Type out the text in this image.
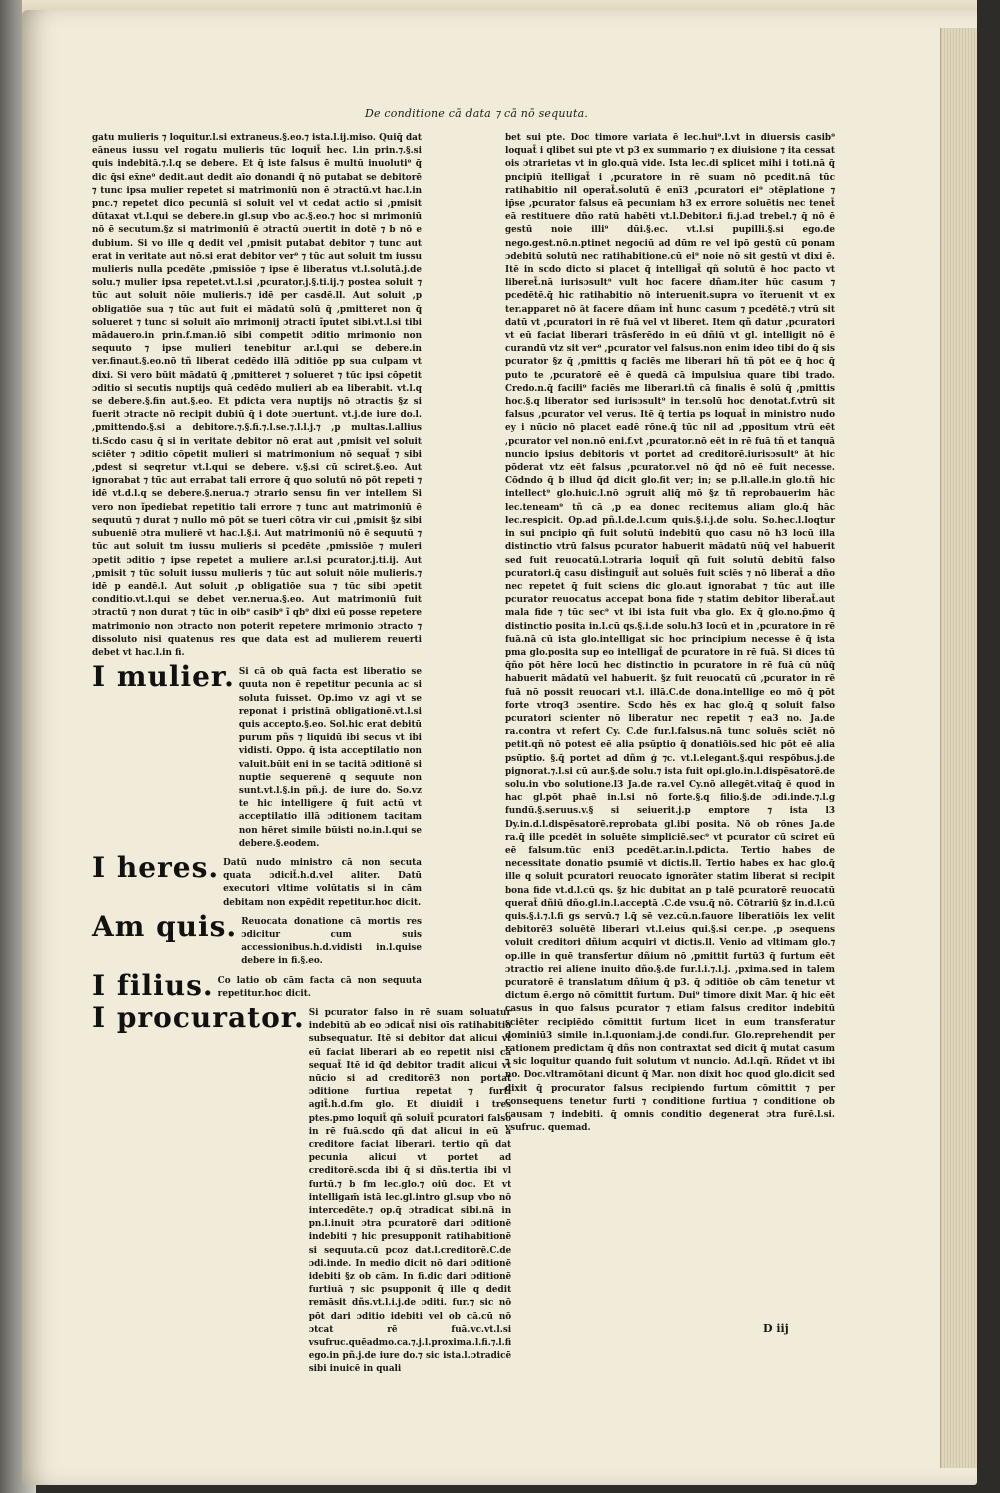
De conditione cā data ⁊ cā nō sequuta.

gatu mulieris ⁊ loquitur.l.si extraneus.§.eo.⁊ ista.l.ij.miso. Quiq̄ dat eāneus iussu vel rogatu mulieris tūc loquit̄ hec. l.in prin.⁊.§.si quis indebitā.⁊.l.q se debere. Et q̄ iste falsus ē multū inuoluti⁹ q̄ dic q̄si ex̄ne⁹ dedit.aut dedit aīo donandi q̄ nō putabat se debitorē ⁊ tunc ipsa mulier repetet si matrimoniū non ē ɔtractū.vt hac.l.in pnc.⁊ repetet dico pecuniā si soluit vel vt cedat actio si ,pmisit dūtaxat vt.l.qui se debere.in gl.sup vbo ac.§.eo.⁊ hoc si mrimoniū nō ē secutum.§z si matrimoniū ē ɔtractū ɔuertit in dotē ⁊ b nō e dubium. Si vo ille q dedit vel ,pmisit putabat debitor ⁊ tunc aut erat in veritate aut nō.si erat debitor ver⁹ ⁊ tūc aut soluit tm iussu mulieris nulla pcedēte ,pmissiōe ⁊ ipse ē liberatus vt.l.solutā.j.de solu.⁊ mulier ipsa repetet.vt.l.si ,pcurator.j.§.ti.ij.⁊ postea soluit ⁊ tūc aut soluit nōie mulieris.⁊ idē per casdē.ll. Aut soluit ,p obligatiōe sua ⁊ tūc aut fuit ei mādatū solū q̄ ,pmitteret non q̄ solueret ⁊ tunc si soluit aīo mrimonij ɔtracti ĩputet sibi.vt.l.si tibi mādauero.in prin.f.man.iō sibi competit ɔditio mrimonio non sequuto ⁊ ipse mulieri tenebitur ar.l.qui se debere.in ver.finaut.§.eo.nō tñ liberat cedēdo illā ɔditiōe pp sua culpam vt dixi. Si vero būit mādatū q̄ ,pmitteret ⁊ solueret ⁊ tūc ipsi cōpetit ɔditio si secutis nuptijs quā cedēdo mulieri ab ea liberabit. vt.l.q se debere.§.fin aut.§.eo. Et pdicta vera nuptijs nō ɔtractis §z si fuerit ɔtracte nō recipit dubiū q̄ i dote ɔuertunt. vt.j.de iure do.l. ,pmittendo.§.si a debitore.⁊.§.fi.⁊.l.se.⁊.l.l.j.⁊ ,p multas.l.allius ti.Scdo casu q̄ si in veritate debitor nō erat aut ,pmisit vel soluit sciēter ⁊ ɔditio cōpetit mulieri si matrimonium nō sequat̄ ⁊ sibi ,pdest si seqretur vt.l.qui se debere. v.§.si cū sciret.§.eo. Aut ignorabat ⁊ tūc aut errabat tali errore q̄ quo solutū nō pōt repeti ⁊ idē vt.d.l.q se debere.§.nerua.⁊ ɔtrario sensu fin ver intellem Si vero non ĩpediebat repetitio tali errore ⁊ tunc aut matrimoniū ē sequutū ⁊ durat ⁊ nullo mō pōt se tueri cōtra vir cui ,pmisit §z sibi subueniē ɔtra mulierē vt hac.l.§.i. Aut matrimoniū nō ē sequutū ⁊ tūc aut soluit tm iussu mulieris si pcedēte ,pmissiōe ⁊ muleri ɔpetit ɔditio ⁊ ipse repetet a muliere ar.l.si pcurator.j.ti.ij. Aut ,pmisit ⁊ tūc soluit iussu mulieris ⁊ tūc aut soluit nōie mulieris.⁊ idē p eandē.l. Aut soluit ,p obligatiōe sua ⁊ tūc sibi ɔpetit conditio.vt.l.qui se debet ver.nerua.§.eo. Aut matrimoniū fuit ɔtractū ⁊ non durat ⁊ tūc in oib⁹ casib⁹ ĩ qb⁹ dixi eū posse repetere matrimonio non ɔtracto non poterit repetere mrimonio ɔtracto ⁊ dissoluto nisi quatenus res que data est ad mulierem reuerti debet vt hac.l.in fi.

I mulier. Si cā ob quā facta est liberatio se quuta non ē repetitur pecunia ac si soluta fuisset. Op.imo vz agi vt se reponat i pristinā obligationē.vt.l.si quis accepto.§.eo. Sol.hic erat debitū purum pñs ⁊ liquidū ibi secus vt ibi vidisti. Oppo. q̄ ista acceptilatio non valuit.būit eni in se tacitā ɔditionē si nuptie sequerenē q sequute non sunt.vt.l.§.in pñ.j. de iure do. So.vz te hic intelligere q̄ fuit actū vt acceptilatio illā ɔditionem tacitam non hēret simile būisti no.in.l.qui se debere.§.eodem.
I heres. Datū nudo ministro cā non secuta quata ɔdicit̄.h.d.vel aliter. Datū executori vltime volūtatis si in cām debitam non expēdit repetitur.hoc dicit.
Am quis. Reuocata donatione cā mortis res ɔdicitur cum suis accessionibus.h.d.vidisti in.l.quise debere in fi.§.eo.
I filius. Co latio ob cām facta cā non sequuta repetitur.hoc dicit.
I procurator. Si pcurator falso in rē suam soluatur indebitū ab eo ɔdicat̄ nisi oīs ratihabitio subsequatur. Itē si debitor dat alicui vt eū faciat liberari ab eo repetit nisi cā sequat̄ Itē id q̄d debitor tradit alicui vt nūcio si ad creditorē3 non portat ɔditione furtiua repetat ⁊ furti agit̄.h.d.fm glo. Et diuidit̄ i tres ptes.pmo loquit̄ qñ soluit̄ pcuratori falso in rē fuā.scdo qñ dat alicui in eū a creditore faciat liberari. tertio qñ dat pecunia alicui vt portet ad creditorē.scda ibi q̄ si dñs.tertia ibi vl furtū.⁊ b fm lec.glo.⁊ oiū doc. Et vt intelligam̄ istā lec.gl.intro gl.sup vbo nō intercedēte.⁊ op.q̄ ɔtradicat sibi.nā in pn.l.inuit ɔtra pcuratorē dari ɔditionē indebiti ⁊ hic presupponit ratihabitionē si sequuta.cū pcoz dat.l.creditorē.C.de ɔdi.inde. In medio dicit nō dari ɔditionē idebiti §z ob cām. In fi.dic dari ɔditionē furtiuā ⁊ sic psupponit q̄ ille q dedit remāsit dñs.vt.l.i.j.de ɔditi. fur.⁊ sic nō pōt dari ɔditio idebiti vel ob cā.cū nō ɔtcat rē fuā.vc.vt.l.si vsufruc.quēadmo.ca.⁊.j.l.proxima.l.fi.⁊.l.fi ego.in pñ.j.de iure do.⁊ sic ista.l.ɔtradicē sibi inuicē in quali

bet sui pte. Doc timore variata ē lec.hui⁹.l.vt in diuersis casib⁹ loquat̄ i qlibet sui pte vt p3 ex summario ⁊ ex diuisione ⁊ ita cessat ois ɔtrarietas vt in glo.quā vide. Ista lec.di splicet mihi i toti.nā q̄ pncipiū itelligat̄ i ,pcuratore in rē suam nō pcedit.nā tūc ratihabitio nil operat̄.solutū ē enī3 ,pcuratori ei⁹ ɔtēplatione ⁊ ip̄se ,pcurator falsus eā pecuniam h3 ex errore soluētis nec tenet̄ eā restituere dño ratū habēti vt.l.Debitor.i fi.j.ad trebel.⁊ q̄ nō ē gestū noie illi⁹ dūi.§.ec. vt.l.si pupilli.§.si ego.de nego.gest.nō.n.ptinet negociū ad dūm re vel ipō gestū cū ponam ɔdebitū solutū nec ratihabitione.cū ei⁹ noie nō sit gestū vt dixi ē. Itē in scdo dicto si placet q̄ intelligat̄ qñ solutū ē hoc pacto vt liberet̄.nā iurisɔsult⁹ vult hoc facere dñam.iter hūc casum ⁊ pcedētē.q̄ hic ratihabitio nō interuenit.supra vo ĩteruenit vt ex ter.apparet nō āt facere dñam int̄ hunc casum ⁊ pcedētē.⁊ vtrū sit datū vt ,pcuratori in rē fuā vel vt liberet. Item qñ datur ,pcuratori vt eū faciat liberari trāsferēdo in eū dñiū vt gl. intelligit nō ē curandū vtz sit ver⁹ ,pcurator vel falsus.non enim ideo tibi do q̄ sis pcurator §z q̄ ,pmittis q faciēs me liberari hñ tñ pōt ee q̄ hoc q̄ puto te ,pcuratorē eē ē quedā cā impulsiua quare tibi trado. Credo.n.q̄ facili⁹ faciēs me liberari.tñ cā finalis ē solū q̄ ,pmittis hoc.§.q liberator sed iurisɔsult⁹ in ter.solū hoc denotat.f.vtrū sit falsus ,pcurator vel verus. Itē q̄ tertia ps loquat̄ in ministro nudo ey i nūcio nō placet eadē rōne.q̄ tūc nil ad ,ppositum vtrū eēt ,pcurator vel non.nō eni.f.vt ,pcurator.nō eēt in rē fuā tñ et tanquā nuncio ipsius debitoris vt portet ad creditorē.iurisɔsult⁹ āt hic pōderat vtz eēt falsus ,pcurator.vel nō q̄d nō eē fuit necesse. Cōdndo q̄ b illud q̄d dicit glo.fit ver; in; se p.ll.alle.in glo.tñ hic intellect⁹ glo.huic.l.nō ɔgruit aliq̄ mō §z tñ reprobauerim hāc lec.teneam⁹ tñ cā ,p ea donec recitemus aliam glo.q̄ hāc lec.respicit. Op.ad pñ.l.de.l.cum quis.§.i.j.de solu. So.hec.l.loqtur in sui pncipio qñ fuit solutū indebitū quo casu nō h3 locū illa distinctio vtrū falsus pcurator habuerit mādatū nūq̄ vel habuerit sed fuit reuocatū.l.ɔtraria loquit̄ qñ fuit solutū debitū falso pcuratori.q̄ casu dist̄inguit̄ aut soluēs fuit sciēs ⁊ nō liberat̄ a dño nec repetet q̄ fuit sciens dic glo.aut ignorabat ⁊ tūc aut ille pcurator reuocatus accepat bona fide ⁊ statim debitor liberat̄.aut mala fide ⁊ tūc sec⁹ vt ibi ista fuit vba glo. Ex q̄ glo.no.p̄mo q̄ distinctio posita in.l.cū qs.§.i.de solu.h3 locū et in ,pcuratore in rē fuā.nā cū ista glo.intelligat sic hoc principium necesse ē q̄ ista pma glo.posita sup eo intelligat̄ de pcuratore in rē fuā. Si dices tū q̄ño pōt hēre locū hec distinctio in pcuratore in rē fuā cū nūq̄ habuerit mādatū vel habuerit. §z fuit reuocatū cū ,pcurator in rē fuā nō possit reuocari vt.l. illā.C.de dona.intellige eo mō q̄ pōt forte vtroq3 ɔsentire. Scdo hēs ex hac glo.q̄ q soluit falso pcuratori scienter nō liberatur nec repetit ⁊ ea3 no. Ja.de ra.contra vt refert Cy. C.de fur.l.falsus.nā tunc soluēs sciēt nō petit.qñ nō potest eē alia psūptio q̄ donatiōis.sed hic pōt eē alia psūptio. §.q̄ portet ad dñm ģ ⁊c. vt.l.elegant.§.qui respōbus.j.de pignorat.⁊.l.si cū aur.§.de solu.⁊ ista fuit opi.glo.in.l.dispēsatorē.de solu.in vbo solutione.l3 Ja.de ra.vel Cy.nō allegēt.vitaq̄ ē quod in hac gl.pōt phaē in.l.si nō forte.§.q filio.§.de ɔdi.inde.⁊.l.g fundū.§.seruus.v.§ si seiuerit.j.p emptore ⁊ ista l3 Dy.in.d.l.dispēsatorē.reprobata gl.ibi posita. Nō ob rōnes Ja.de ra.q̄ ille pcedēt in soluēte simpliciē.sec⁹ vt pcurator cū sciret eū eē falsum.tūc eni3 pcedēt.ar.in.l.pdicta. Tertio habes de necessitate donatio psumiē vt dictis.ll. Tertio habes ex hac glo.q̄ ille q soluit pcuratori reuocato ignorāter statim liberat si recipit bona fide vt.d.l.cū qs. §z hic dubitat an p talē pcuratorē reuocatū querat̄ dñiū dño.gl.in.l.acceptā .C.de vsu.q̄ nō. Cōtrariū §z in.d.l.cū quis.§.i.⁊.l.fi gs servū.⁊ l.q̄ sē vez.cū.n.fauore liberatiōis lex velit debitorē3 soluētē liberari vt.l.eius qui.§.si cer.pe. ,p ɔsequens voluit creditori dñium acquiri vt dictis.ll. Venio ad vltimam glo.⁊ op.ille in quē transfertur dñium nō ,pmittit furtū3 q̄ furtum eēt ɔtractio rei aliene inuito dño.§.de fur.l.i.⁊.l.j. ,pxima.sed in talem pcuratorē ē translatum dñium q̄ p3. q̄ ɔditiōe ob cām tenetur vt dictum ē.ergo nō cōmittit furtum. Dui⁹ timore dixit Mar. q̄ hic eēt casus in quo falsus pcurator ⁊ etiam falsus creditor indebitū sciēter recipiēdo cōmittit furtum licet in eum transferatur dominiū3 simile in.l.quoniam.j.de condi.fur. Glo.reprehendit per rationem predictam q̄ dñs non contraxtat sed dicit q̄ mutat casum ⁊ sic loquitur quando fuit solutum vt nuncio. Ad.l.qñ. Rñdet vt ibi no. Doc.vltramōtani dicunt q̄ Mar. non dixit hoc quod glo.dicit sed dixit q̄ procurator falsus recipiendo furtum cōmittit ⁊ per consequens tenetur furti ⁊ conditione furtiua ⁊ conditione ob causam ⁊ indebiti. q̄ omnis conditio degenerat ɔtra furē.l.si. vsufruc. quemad.

D iij
